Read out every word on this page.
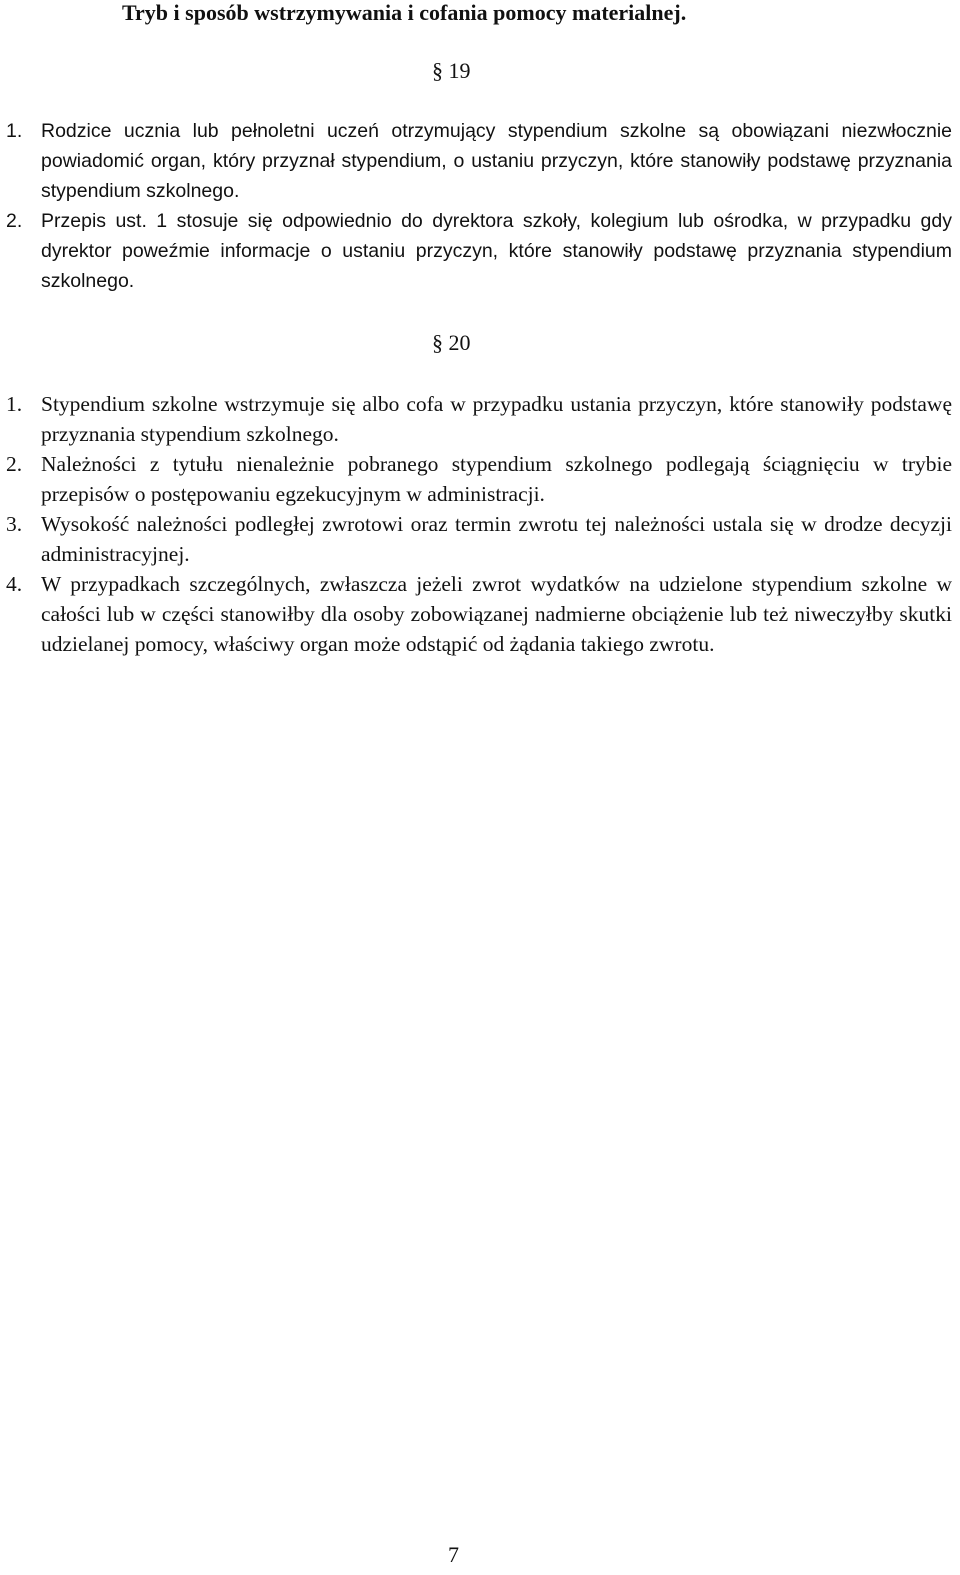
Tryb i sposób wstrzymywania i cofania pomocy materialnej.
§ 19
1. Rodzice ucznia lub pełnoletni uczeń otrzymujący stypendium szkolne są obowiązani niezwłocznie powiadomić organ, który przyznał stypendium, o ustaniu przyczyn, które stanowiły podstawę przyznania stypendium szkolnego.
2. Przepis ust. 1 stosuje się odpowiednio do dyrektora szkoły, kolegium lub ośrodka, w przypadku gdy dyrektor poweźmie informacje o ustaniu przyczyn, które stanowiły podstawę przyznania stypendium szkolnego.
§ 20
1. Stypendium szkolne wstrzymuje się albo cofa w przypadku ustania przyczyn, które stanowiły podstawę przyznania stypendium szkolnego.
2. Należności z tytułu nienależnie pobranego stypendium szkolnego podlegają ściągnięciu w trybie przepisów o postępowaniu egzekucyjnym w administracji.
3. Wysokość należności podległej zwrotowi oraz termin zwrotu tej należności ustala się w drodze decyzji administracyjnej.
4. W przypadkach szczególnych, zwłaszcza jeżeli zwrot wydatków na udzielone stypendium szkolne w całości lub w części stanowiłby dla osoby zobowiązanej nadmierne obciążenie lub też niweczyłby skutki udzielanej pomocy, właściwy organ może odstąpić od żądania takiego zwrotu.
7
